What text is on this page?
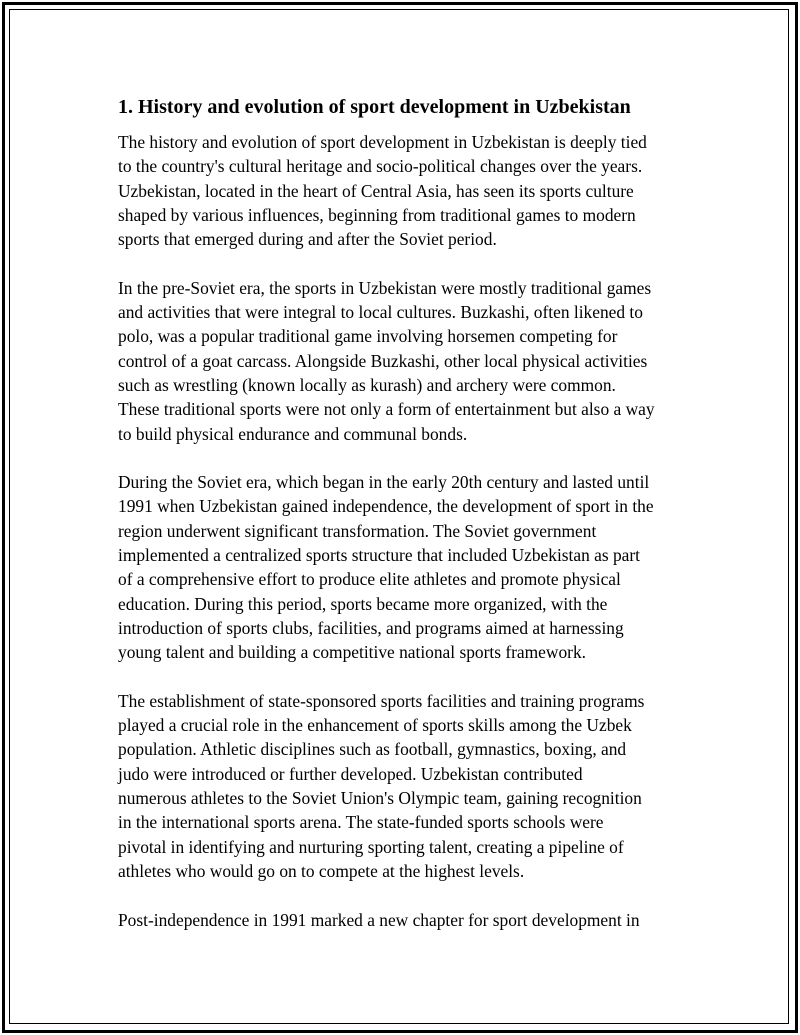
1. History and evolution of sport development in Uzbekistan

The history and evolution of sport development in Uzbekistan is deeply tied
to the country's cultural heritage and socio-political changes over the years.
Uzbekistan, located in the heart of Central Asia, has seen its sports culture
shaped by various influences, beginning from traditional games to modern
sports that emerged during and after the Soviet period.

In the pre-Soviet era, the sports in Uzbekistan were mostly traditional games
and activities that were integral to local cultures. Buzkashi, often likened to
polo, was a popular traditional game involving horsemen competing for
control of a goat carcass. Alongside Buzkashi, other local physical activities
such as wrestling (known locally as kurash) and archery were common.
These traditional sports were not only a form of entertainment but also a way
to build physical endurance and communal bonds.

During the Soviet era, which began in the early 20th century and lasted until
1991 when Uzbekistan gained independence, the development of sport in the
region underwent significant transformation. The Soviet government
implemented a centralized sports structure that included Uzbekistan as part
of a comprehensive effort to produce elite athletes and promote physical
education. During this period, sports became more organized, with the
introduction of sports clubs, facilities, and programs aimed at harnessing
young talent and building a competitive national sports framework.

The establishment of state-sponsored sports facilities and training programs
played a crucial role in the enhancement of sports skills among the Uzbek
population. Athletic disciplines such as football, gymnastics, boxing, and
judo were introduced or further developed. Uzbekistan contributed
numerous athletes to the Soviet Union's Olympic team, gaining recognition
in the international sports arena. The state-funded sports schools were
pivotal in identifying and nurturing sporting talent, creating a pipeline of
athletes who would go on to compete at the highest levels.

Post-independence in 1991 marked a new chapter for sport development in
